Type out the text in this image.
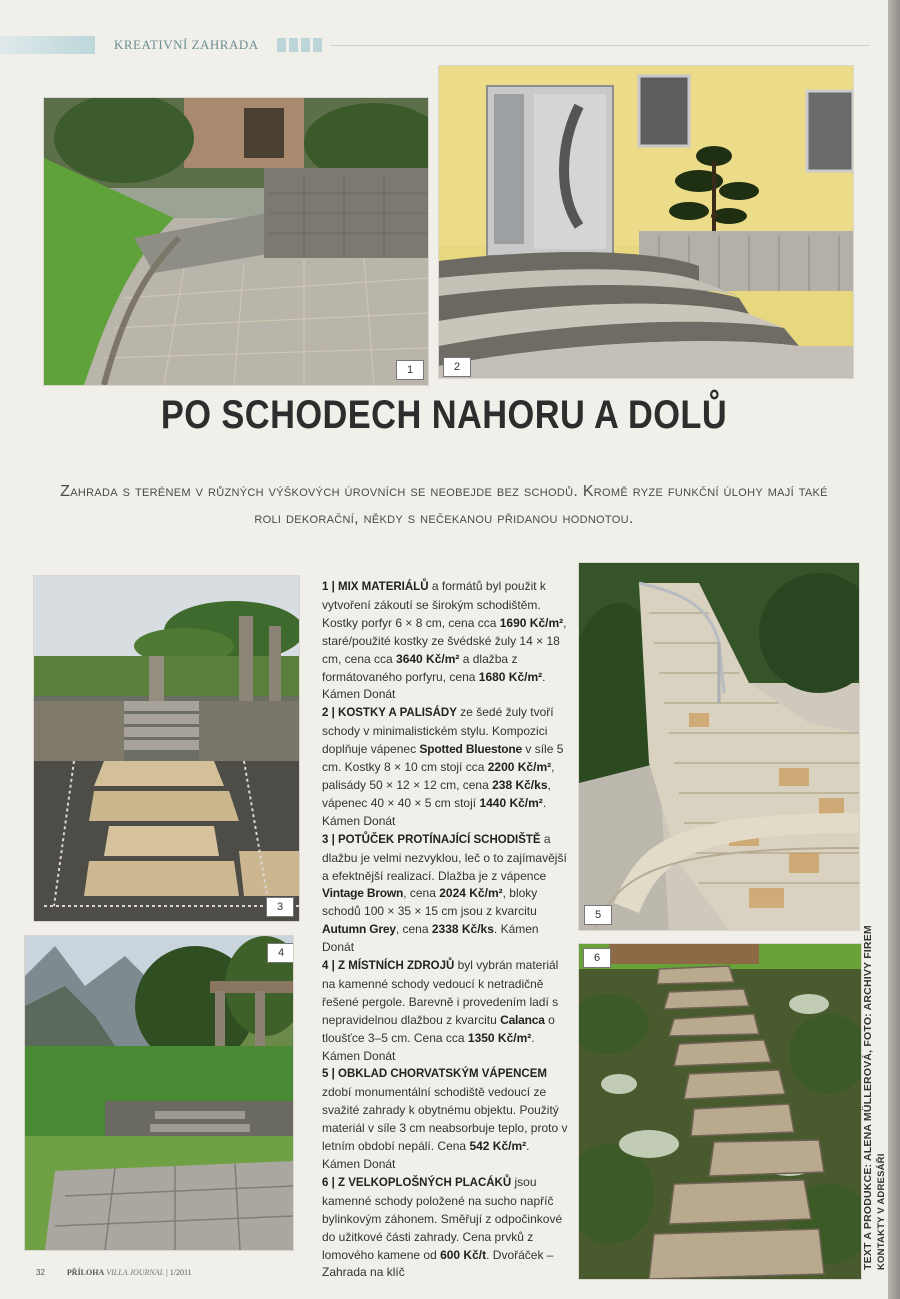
KREATIVNÍ ZAHRADA
1	2
PO SCHODECH NAHORU A DOLŮ
Zahrada s terénem v různých výškových úrovních se neobejde bez schodů. Kromě ryze funkční úlohy mají také roli dekorační, někdy s nečekanou přidanou hodnotou.
3
4

1 | MIX MATERIÁLŮ a formátů byl použit k vytvoření zákoutí se širokým schodištěm. Kostky porfyr 6 × 8 cm, cena cca 1690 Kč/m², staré/použité kostky ze švédské žuly 14 × 18 cm, cena cca 3640 Kč/m² a dlažba z formátovaného porfyru, cena 1680 Kč/m². Kámen Donát

2 | KOSTKY A PALISÁDY ze šedé žuly tvoří schody v minimalistickém stylu. Kompozici doplňuje vápenec Spotted Bluestone v síle 5 cm. Kostky 8 × 10 cm stojí cca 2200 Kč/m², palisády 50 × 12 × 12 cm, cena 238 Kč/ks, vápenec 40 × 40 × 5 cm stojí 1440 Kč/m². Kámen Donát

3 | POTŮČEK PROTÍNAJÍCÍ SCHODIŠTĚ a dlažbu je velmi nezvyklou, leč o to zajímavější a efektnější realizací. Dlažba je z vápence Vintage Brown, cena 2024 Kč/m², bloky schodů 100 × 35 × 15 cm jsou z kvarcitu Autumn Grey, cena 2338 Kč/ks. Kámen Donát

4 | Z MÍSTNÍCH ZDROJŮ byl vybrán materiál na kamenné schody vedoucí k netradičně řešené pergole. Barevně i provedením ladí s nepravidelnou dlažbou z kvarcitu Calanca o tloušťce 3–5 cm. Cena cca 1350 Kč/m². Kámen Donát

5 | OBKLAD CHORVATSKÝM VÁPENCEM zdobí monumentální schodiště vedoucí ze svažité zahrady k obytnému objektu. Použitý materiál v síle 3 cm neabsorbuje teplo, proto v letním období nepálí. Cena 542 Kč/m². Kámen Donát

6 | Z VELKOPLOŠNÝCH PLACÁKŮ jsou kamenné schody položené na sucho napříč bylinkovým záhonem. Směřují z odpočinkové do užitkové části zahrady. Cena prvků z lomového kamene od 600 Kč/t. Dvořáček – Zahrada na klíč

5
6	TEXT A PRODUKCE: ALENA MÜLLEROVÁ, FOTO: ARCHIVY FIREM KONTAKTY V ADRESÁŘI
32	PŘÍLOHA VILLA JOURNAL | 1/2011
